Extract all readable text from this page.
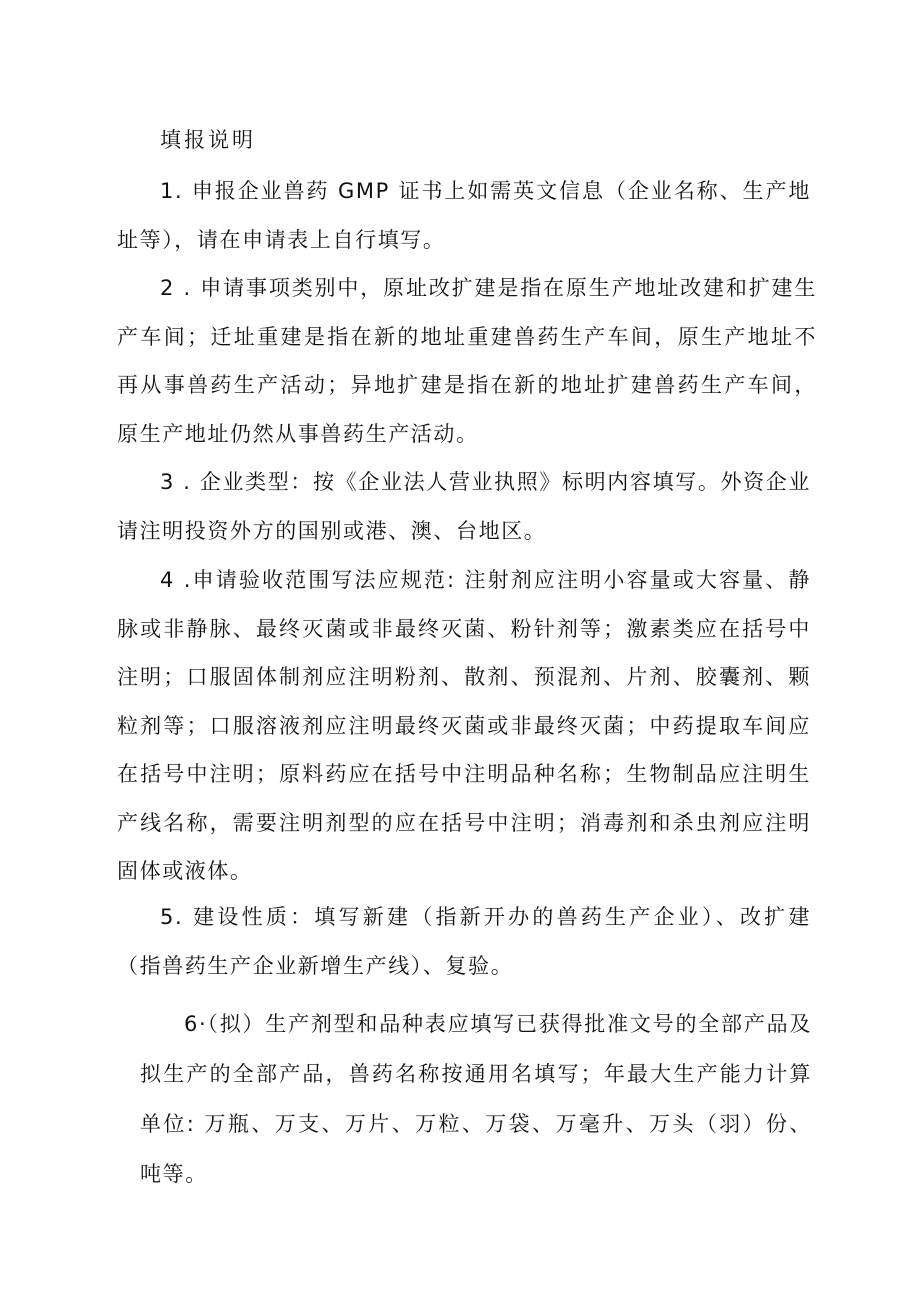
填报说明

1. 申报企业兽药 GMP 证书上如需英文信息（企业名称、生产地址等），请在申请表上自行填写。

2 . 申请事项类别中，原址改扩建是指在原生产地址改建和扩建生产车间；迁址重建是指在新的地址重建兽药生产车间，原生产地址不再从事兽药生产活动；异地扩建是指在新的地址扩建兽药生产车间，原生产地址仍然从事兽药生产活动。

3 . 企业类型：按《企业法人营业执照》标明内容填写。外资企业请注明投资外方的国别或港、澳、台地区。

4 .申请验收范围写法应规范: 注射剂应注明小容量或大容量、静脉或非静脉、最终灭菌或非最终灭菌、粉针剂等；激素类应在括号中注明；口服固体制剂应注明粉剂、散剂、预混剂、片剂、胶囊剂、颗粒剂等；口服溶液剂应注明最终灭菌或非最终灭菌；中药提取车间应在括号中注明；原料药应在括号中注明品种名称；生物制品应注明生产线名称，需要注明剂型的应在括号中注明；消毒剂和杀虫剂应注明固体或液体。

5. 建设性质：填写新建（指新开办的兽药生产企业）、改扩建（指兽药生产企业新增生产线）、复验。

6·（拟）生产剂型和品种表应填写已获得批准文号的全部产品及拟生产的全部产品，兽药名称按通用名填写；年最大生产能力计算单位: 万瓶、万支、万片、万粒、万袋、万毫升、万头（羽）份、吨等。
